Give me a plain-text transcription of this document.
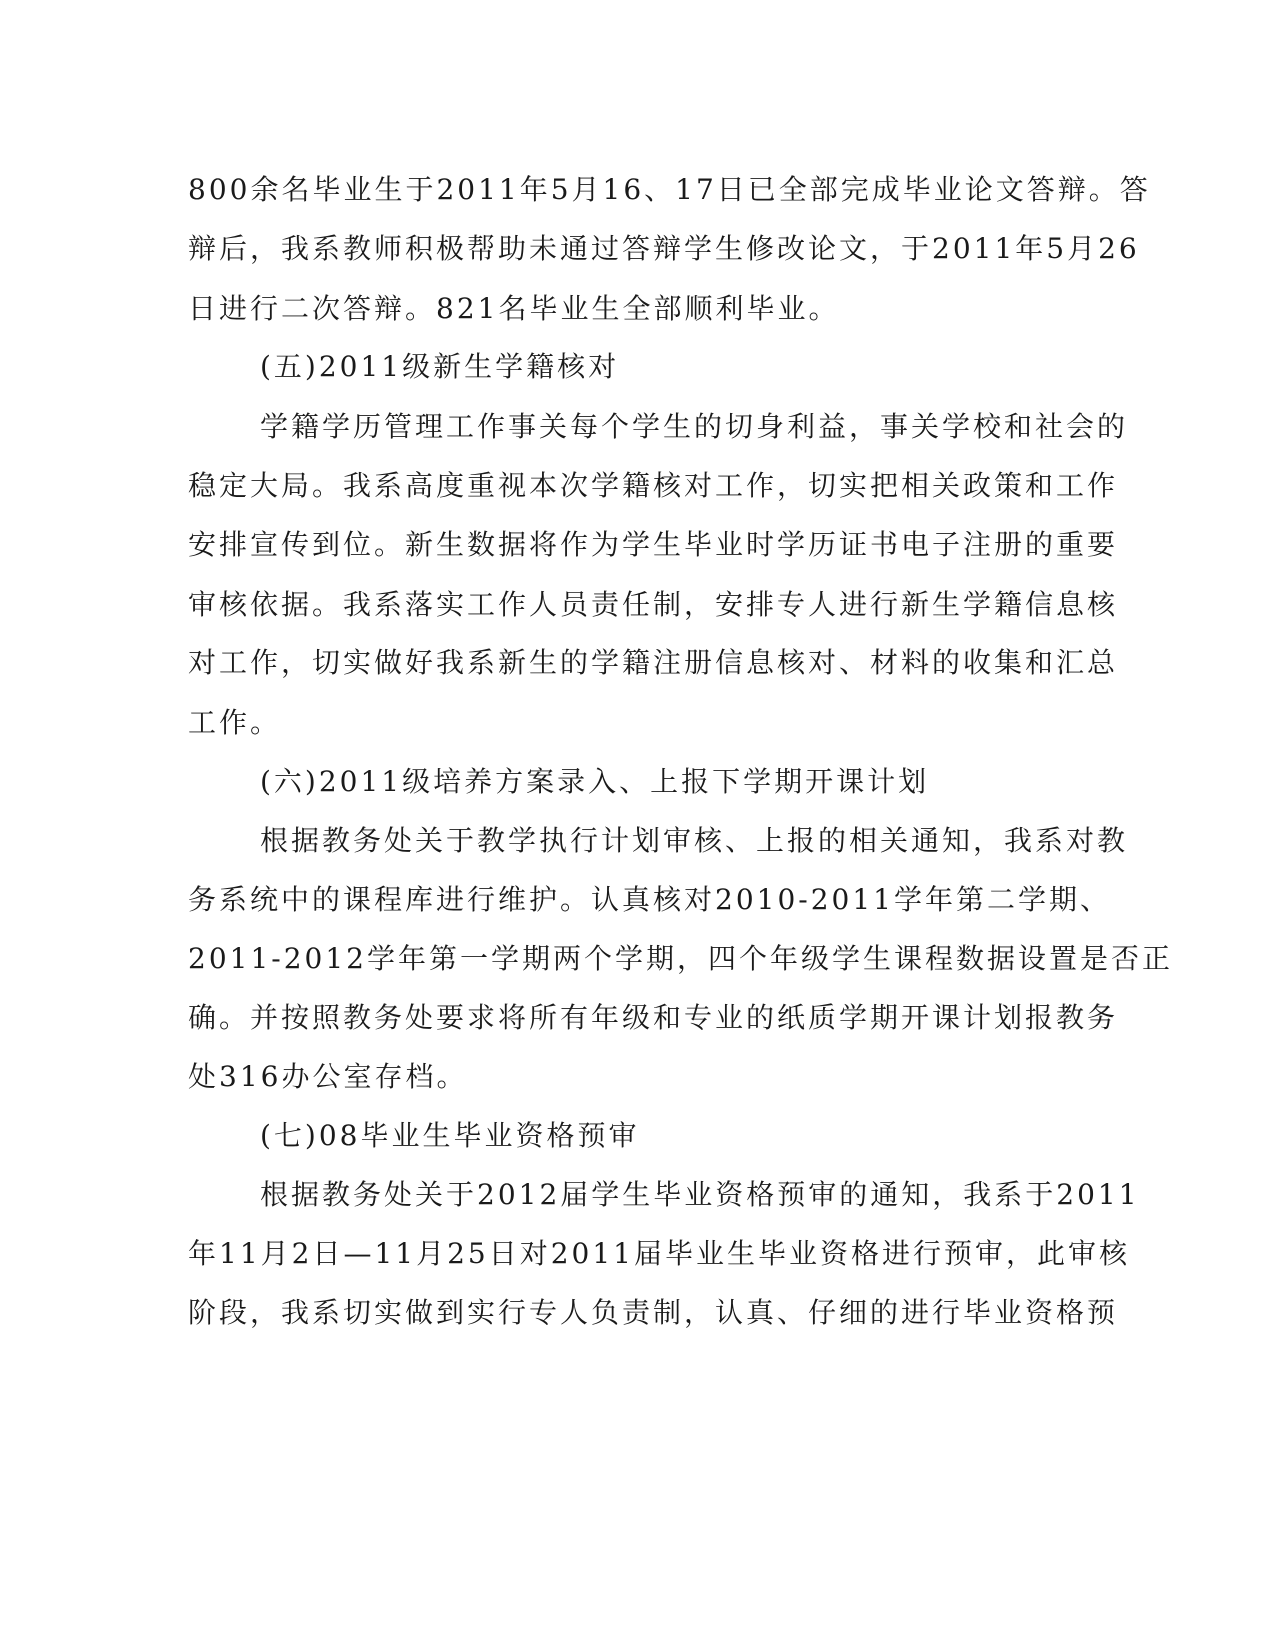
800余名毕业生于2011年5月16、17日已全部完成毕业论文答辩。答
辩后，我系教师积极帮助未通过答辩学生修改论文，于2011年5月26
日进行二次答辩。821名毕业生全部顺利毕业。
(五)2011级新生学籍核对
学籍学历管理工作事关每个学生的切身利益，事关学校和社会的
稳定大局。我系高度重视本次学籍核对工作，切实把相关政策和工作
安排宣传到位。新生数据将作为学生毕业时学历证书电子注册的重要
审核依据。我系落实工作人员责任制，安排专人进行新生学籍信息核
对工作，切实做好我系新生的学籍注册信息核对、材料的收集和汇总
工作。
(六)2011级培养方案录入、上报下学期开课计划
根据教务处关于教学执行计划审核、上报的相关通知，我系对教
务系统中的课程库进行维护。认真核对2010-2011学年第二学期、
2011-2012学年第一学期两个学期，四个年级学生课程数据设置是否正
确。并按照教务处要求将所有年级和专业的纸质学期开课计划报教务
处316办公室存档。
(七)08毕业生毕业资格预审
根据教务处关于2012届学生毕业资格预审的通知，我系于2011
年11月2日—11月25日对2011届毕业生毕业资格进行预审，此审核
阶段，我系切实做到实行专人负责制，认真、仔细的进行毕业资格预
